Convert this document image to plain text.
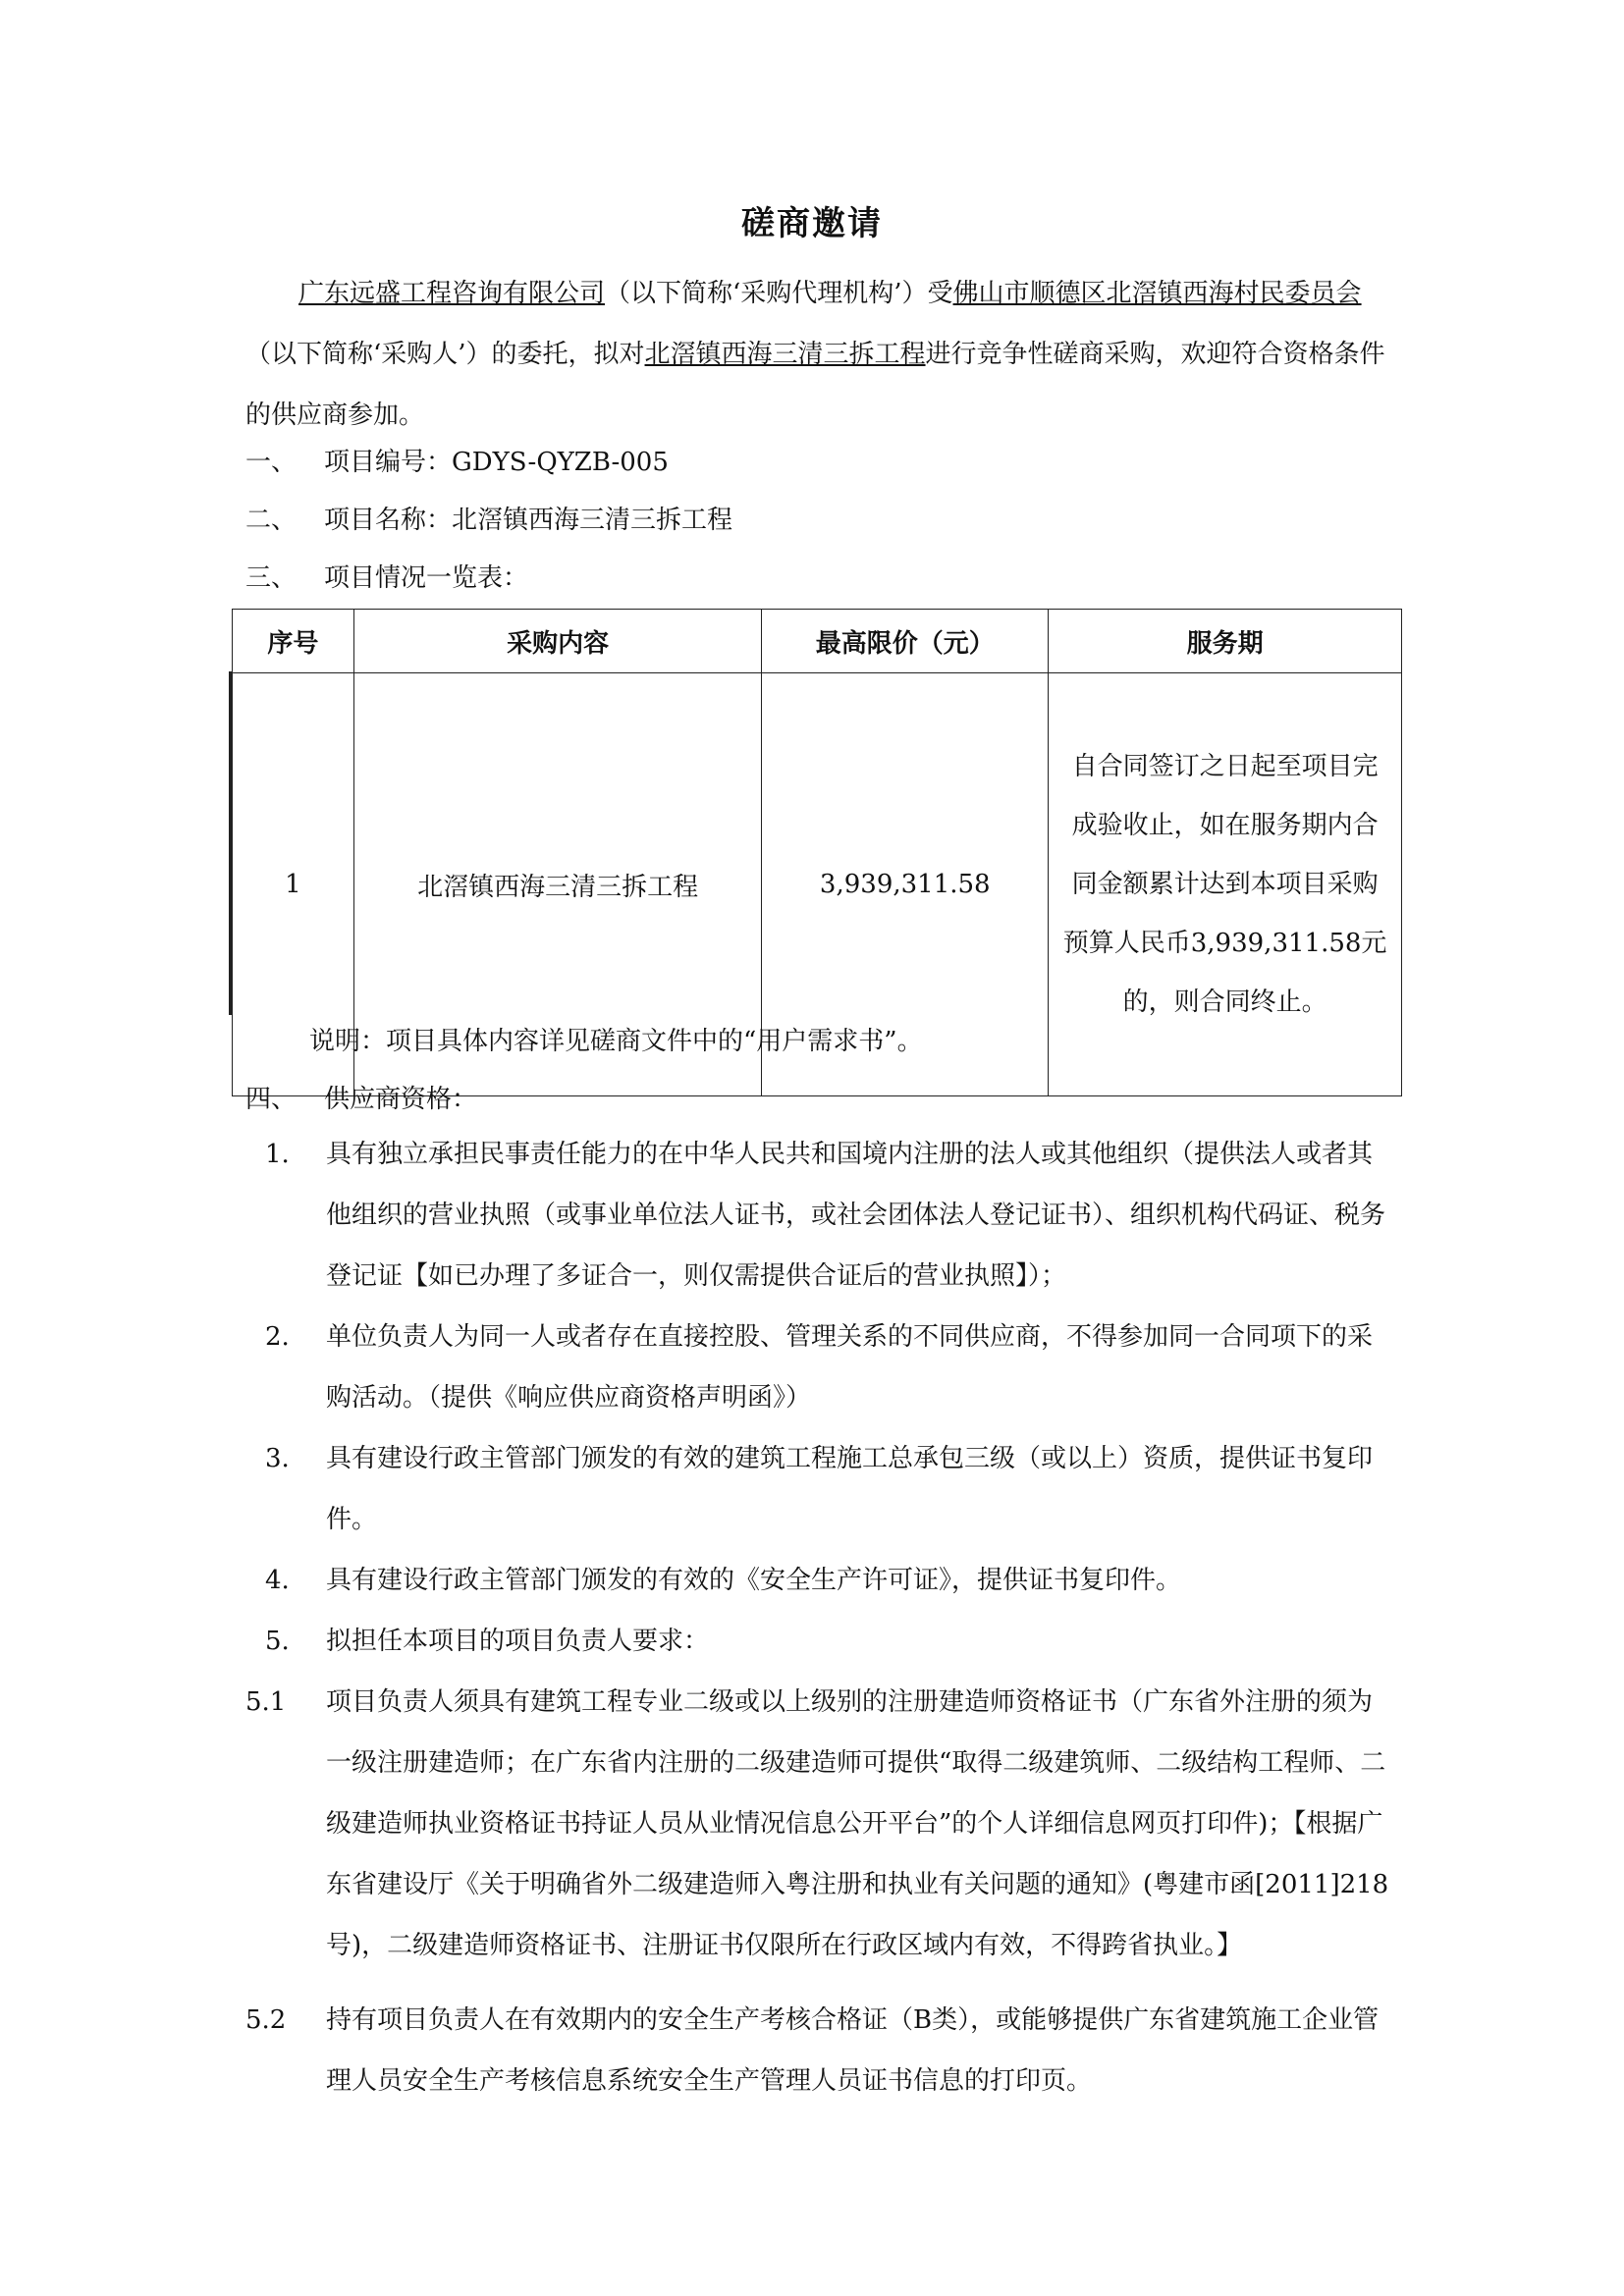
磋商邀请

广东远盛工程咨询有限公司（以下简称‘采购代理机构’）受佛山市顺德区北滘镇西海村民委员会（以下简称‘采购人’）的委托，拟对北滘镇西海三清三拆工程进行竞争性磋商采购，欢迎符合资格条件的供应商参加。

一、 项目编号：GDYS-QYZB-005
二、 项目名称：北滘镇西海三清三拆工程
三、 项目情况一览表：
序号	采购内容	最高限价（元）	服务期
1	北滘镇西海三清三拆工程	3,939,311.58	自合同签订之日起至项目完成验收止，如在服务期内合同金额累计达到本项目采购预算人民币3,939,311.58元的，则合同终止。
说明：项目具体内容详见磋商文件中的“用户需求书”。
四、 供应商资格：
1. 具有独立承担民事责任能力的在中华人民共和国境内注册的法人或其他组织（提供法人或者其他组织的营业执照（或事业单位法人证书，或社会团体法人登记证书）、组织机构代码证、税务登记证【如已办理了多证合一，则仅需提供合证后的营业执照】）；
2. 单位负责人为同一人或者存在直接控股、管理关系的不同供应商，不得参加同一合同项下的采购活动。（提供《响应供应商资格声明函》）
3. 具有建设行政主管部门颁发的有效的建筑工程施工总承包三级（或以上）资质，提供证书复印件。
4. 具有建设行政主管部门颁发的有效的《安全生产许可证》，提供证书复印件。
5. 拟担任本项目的项目负责人要求：
5.1 项目负责人须具有建筑工程专业二级或以上级别的注册建造师资格证书（广东省外注册的须为一级注册建造师；在广东省内注册的二级建造师可提供“取得二级建筑师、二级结构工程师、二级建造师执业资格证书持证人员从业情况信息公开平台”的个人详细信息网页打印件)；【根据广东省建设厅《关于明确省外二级建造师入粤注册和执业有关问题的通知》(粤建市函[2011]218号)，二级建造师资格证书、注册证书仅限所在行政区域内有效，不得跨省执业。】
5.2 持有项目负责人在有效期内的安全生产考核合格证（B类），或能够提供广东省建筑施工企业管理人员安全生产考核信息系统安全生产管理人员证书信息的打印页。
